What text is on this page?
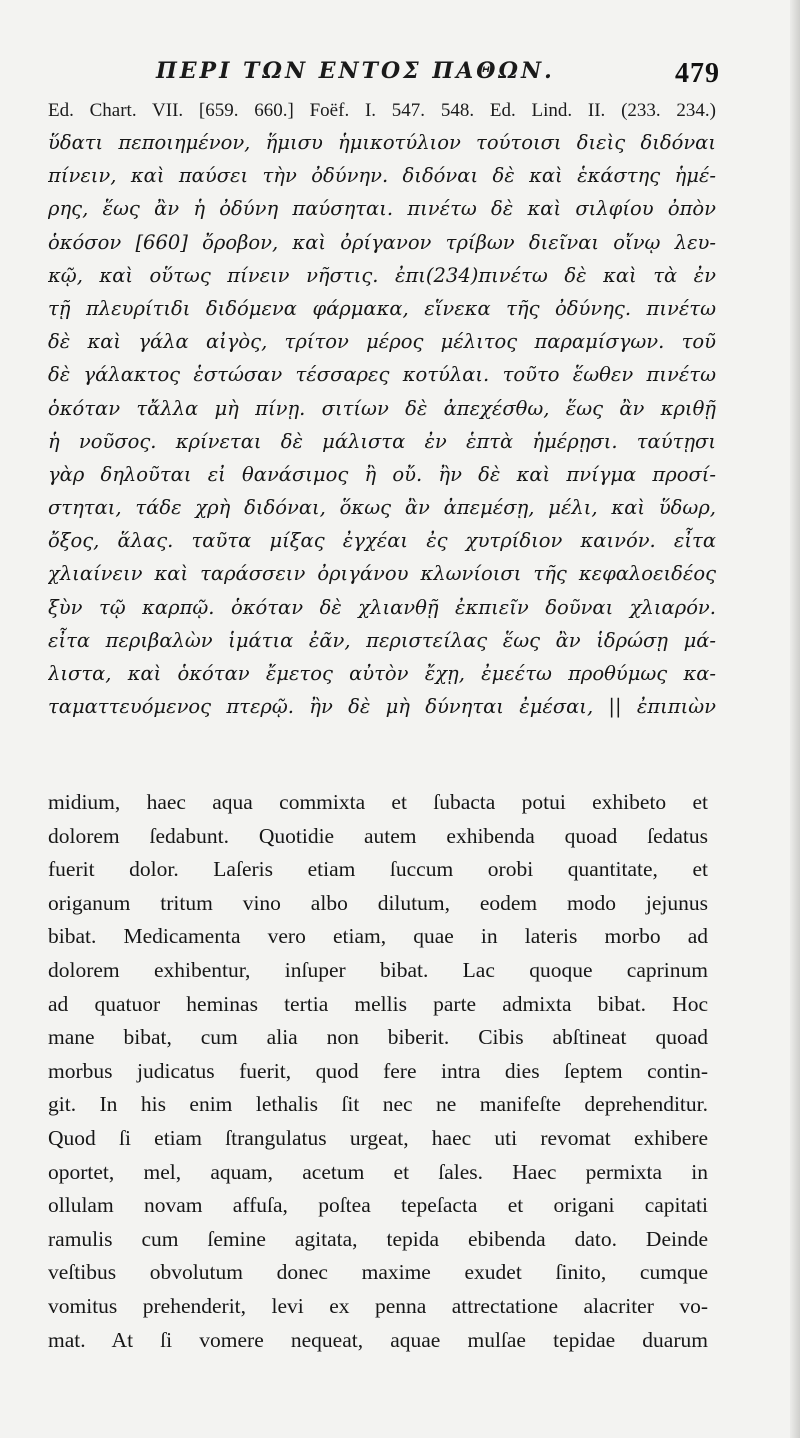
ΠΕΡΙ ΤΩΝ ΕΝΤΟΣ ΠΑΘΩΝ.	479
Ed. Chart. VII. [659. 660.] Foëf. I. 547. 548. Ed. Lind. II. (233. 234.)
ὕδατι πεποιημένον, ἥμισυ ἡμικοτύλιον τούτοισι διεὶς διδόναι
πίνειν, καὶ παύσει τὴν ὀδύνην. διδόναι δὲ καὶ ἑκάστης ἡμέ-
ρης, ἕως ἂν ἡ ὀδύνη παύσηται. πινέτω δὲ καὶ σιλφίου ὀπὸν
ὁκόσον [660] ὄροβον, καὶ ὀρίγανον τρίβων διεῖναι οἴνῳ λευ-
κῷ, καὶ οὕτως πίνειν νῆστις. ἐπι(234)πινέτω δὲ καὶ τὰ ἐν
τῇ πλευρίτιδι διδόμενα φάρμακα, εἵνεκα τῆς ὀδύνης. πινέτω
δὲ καὶ γάλα αἰγὸς, τρίτον μέρος μέλιτος παραμίσγων. τοῦ
δὲ γάλακτος ἑστώσαν τέσσαρες κοτύλαι. τοῦτο ἕωθεν πινέτω
ὁκόταν τἄλλα μὴ πίνῃ. σιτίων δὲ ἀπεχέσθω, ἕως ἂν κριθῇ
ἡ νοῦσος. κρίνεται δὲ μάλιστα ἐν ἑπτὰ ἡμέρῃσι. ταύτῃσι
γὰρ δηλοῦται εἰ θανάσιμος ἢ οὔ. ἢν δὲ καὶ πνίγμα προσί-
στηται, τάδε χρὴ διδόναι, ὅκως ἂν ἀπεμέσῃ, μέλι, καὶ ὕδωρ,
ὄξος, ἅλας. ταῦτα μίξας ἐγχέαι ἐς χυτρίδιον καινόν. εἶτα
χλιαίνειν καὶ ταράσσειν ὀριγάνου κλωνίοισι τῆς κεφαλοειδέος
ξὺν τῷ καρπῷ. ὁκόταν δὲ χλιανθῇ ἐκπιεῖν δοῦναι χλιαρόν.
εἶτα περιβαλὼν ἱμάτια ἐᾶν, περιστείλας ἕως ἂν ἱδρώσῃ μά-
λιστα, καὶ ὁκόταν ἔμετος αὐτὸν ἔχῃ, ἐμεέτω προθύμως κα-
ταματτευόμενος πτερῷ. ἢν δὲ μὴ δύνηται ἐμέσαι, || ἐπιπιὼν
midium, haec aqua commixta et ſubacta potui exhibeto et
dolorem ſedabunt. Quotidie autem exhibenda quoad ſedatus
fuerit dolor. Laſeris etiam ſuccum orobi quantitate, et
origanum tritum vino albo dilutum, eodem modo jejunus
bibat. Medicamenta vero etiam, quae in lateris morbo ad
dolorem exhibentur, inſuper bibat. Lac quoque caprinum
ad quatuor heminas tertia mellis parte admixta bibat. Hoc
mane bibat, cum alia non biberit. Cibis abſtineat quoad
morbus judicatus fuerit, quod fere intra dies ſeptem contin-
git. In his enim lethalis ſit nec ne manifeſte deprehenditur.
Quod ſi etiam ſtrangulatus urgeat, haec uti revomat exhibere
oportet, mel, aquam, acetum et ſales. Haec permixta in
ollulam novam affuſa, poſtea tepeſacta et origani capitati
ramulis cum ſemine agitata, tepida ebibenda dato. Deinde
veſtibus obvolutum donec maxime exudet ſinito, cumque
vomitus prehenderit, levi ex penna attrectatione alacriter vo-
mat. At ſi vomere nequeat, aquae mulſae tepidae duarum
